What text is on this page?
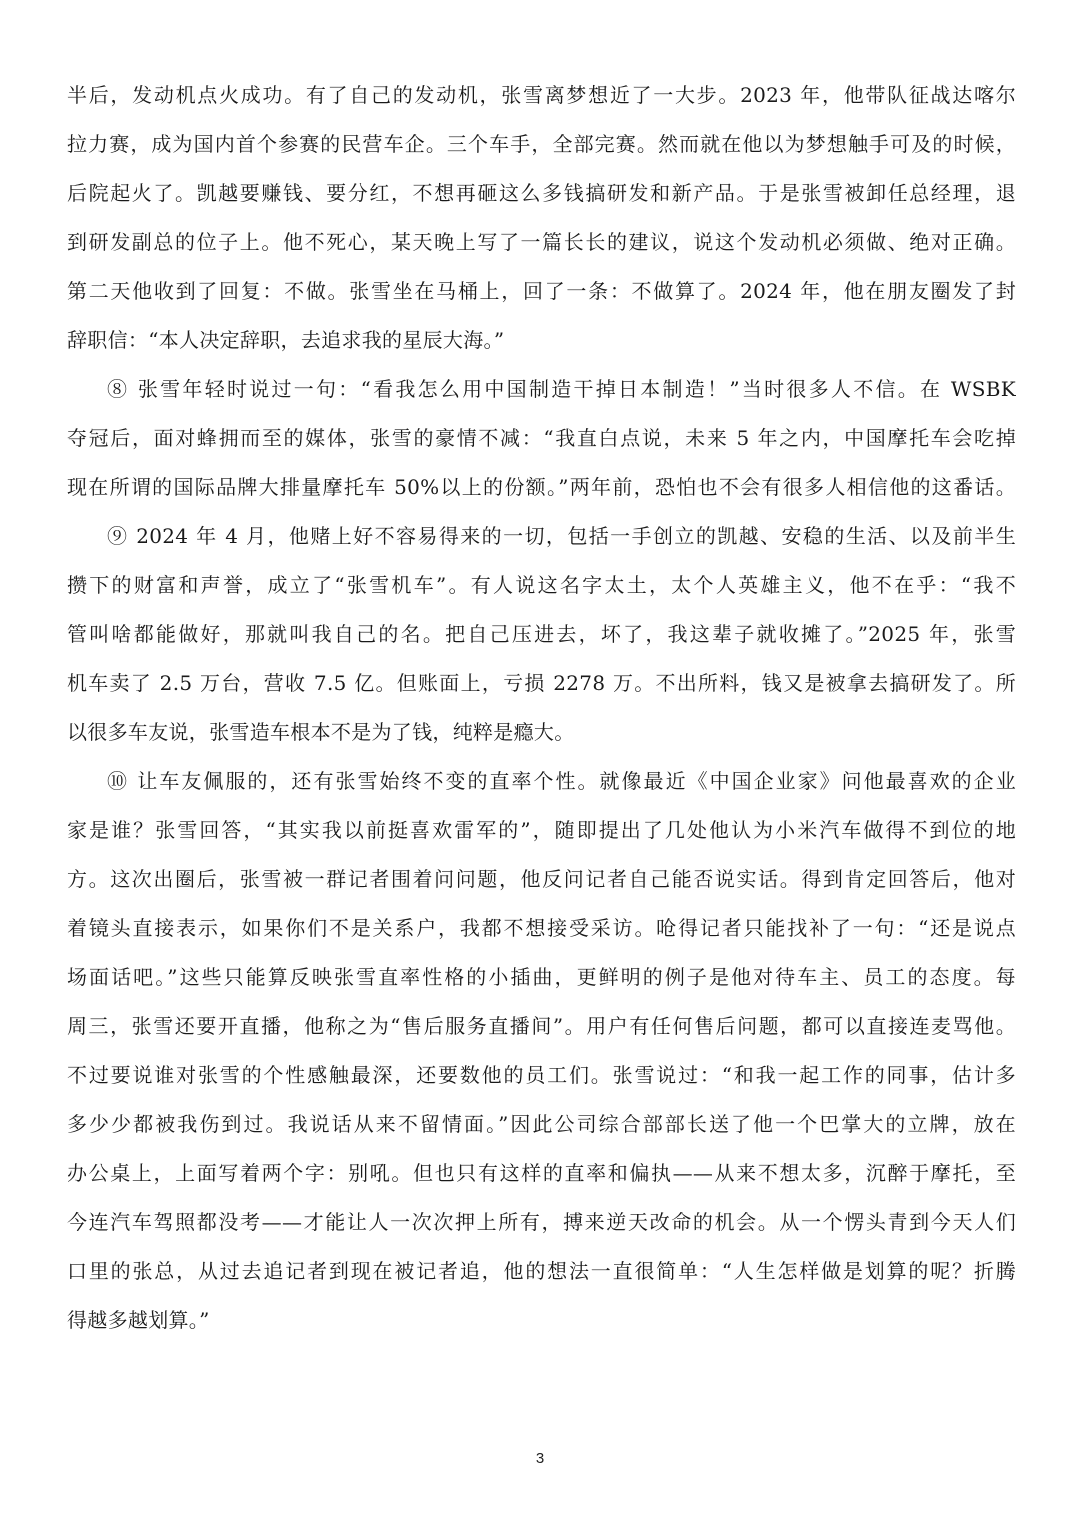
半后，发动机点火成功。有了自己的发动机，张雪离梦想近了一大步。2023 年，他带队征战达喀尔
拉力赛，成为国内首个参赛的民营车企。三个车手，全部完赛。然而就在他以为梦想触手可及的时候，
后院起火了。凯越要赚钱、要分红，不想再砸这么多钱搞研发和新产品。于是张雪被卸任总经理，退
到研发副总的位子上。他不死心，某天晚上写了一篇长长的建议，说这个发动机必须做、绝对正确。
第二天他收到了回复：不做。张雪坐在马桶上，回了一条：不做算了。2024 年，他在朋友圈发了封
辞职信：“本人决定辞职，去追求我的星辰大海。”
⑧ 张雪年轻时说过一句：“看我怎么用中国制造干掉日本制造！”当时很多人不信。在 WSBK
夺冠后，面对蜂拥而至的媒体，张雪的豪情不减：“我直白点说，未来 5 年之内，中国摩托车会吃掉
现在所谓的国际品牌大排量摩托车 50%以上的份额。”两年前，恐怕也不会有很多人相信他的这番话。
⑨ 2024 年 4 月，他赌上好不容易得来的一切，包括一手创立的凯越、安稳的生活、以及前半生
攒下的财富和声誉，成立了“张雪机车”。有人说这名字太土，太个人英雄主义，他不在乎：“我不
管叫啥都能做好，那就叫我自己的名。把自己压进去，坏了，我这辈子就收摊了。”2025 年，张雪
机车卖了 2.5 万台，营收 7.5 亿。但账面上，亏损 2278 万。不出所料，钱又是被拿去搞研发了。所
以很多车友说，张雪造车根本不是为了钱，纯粹是瘾大。
⑩ 让车友佩服的，还有张雪始终不变的直率个性。就像最近《中国企业家》问他最喜欢的企业
家是谁？张雪回答，“其实我以前挺喜欢雷军的”，随即提出了几处他认为小米汽车做得不到位的地
方。这次出圈后，张雪被一群记者围着问问题，他反问记者自己能否说实话。得到肯定回答后，他对
着镜头直接表示，如果你们不是关系户，我都不想接受采访。呛得记者只能找补了一句：“还是说点
场面话吧。”这些只能算反映张雪直率性格的小插曲，更鲜明的例子是他对待车主、员工的态度。每
周三，张雪还要开直播，他称之为“售后服务直播间”。用户有任何售后问题，都可以直接连麦骂他。
不过要说谁对张雪的个性感触最深，还要数他的员工们。张雪说过：“和我一起工作的同事，估计多
多少少都被我伤到过。我说话从来不留情面。”因此公司综合部部长送了他一个巴掌大的立牌，放在
办公桌上，上面写着两个字：别吼。但也只有这样的直率和偏执——从来不想太多，沉醉于摩托，至
今连汽车驾照都没考——才能让人一次次押上所有，搏来逆天改命的机会。从一个愣头青到今天人们
口里的张总，从过去追记者到现在被记者追，他的想法一直很简单：“人生怎样做是划算的呢？折腾
得越多越划算。”
3
